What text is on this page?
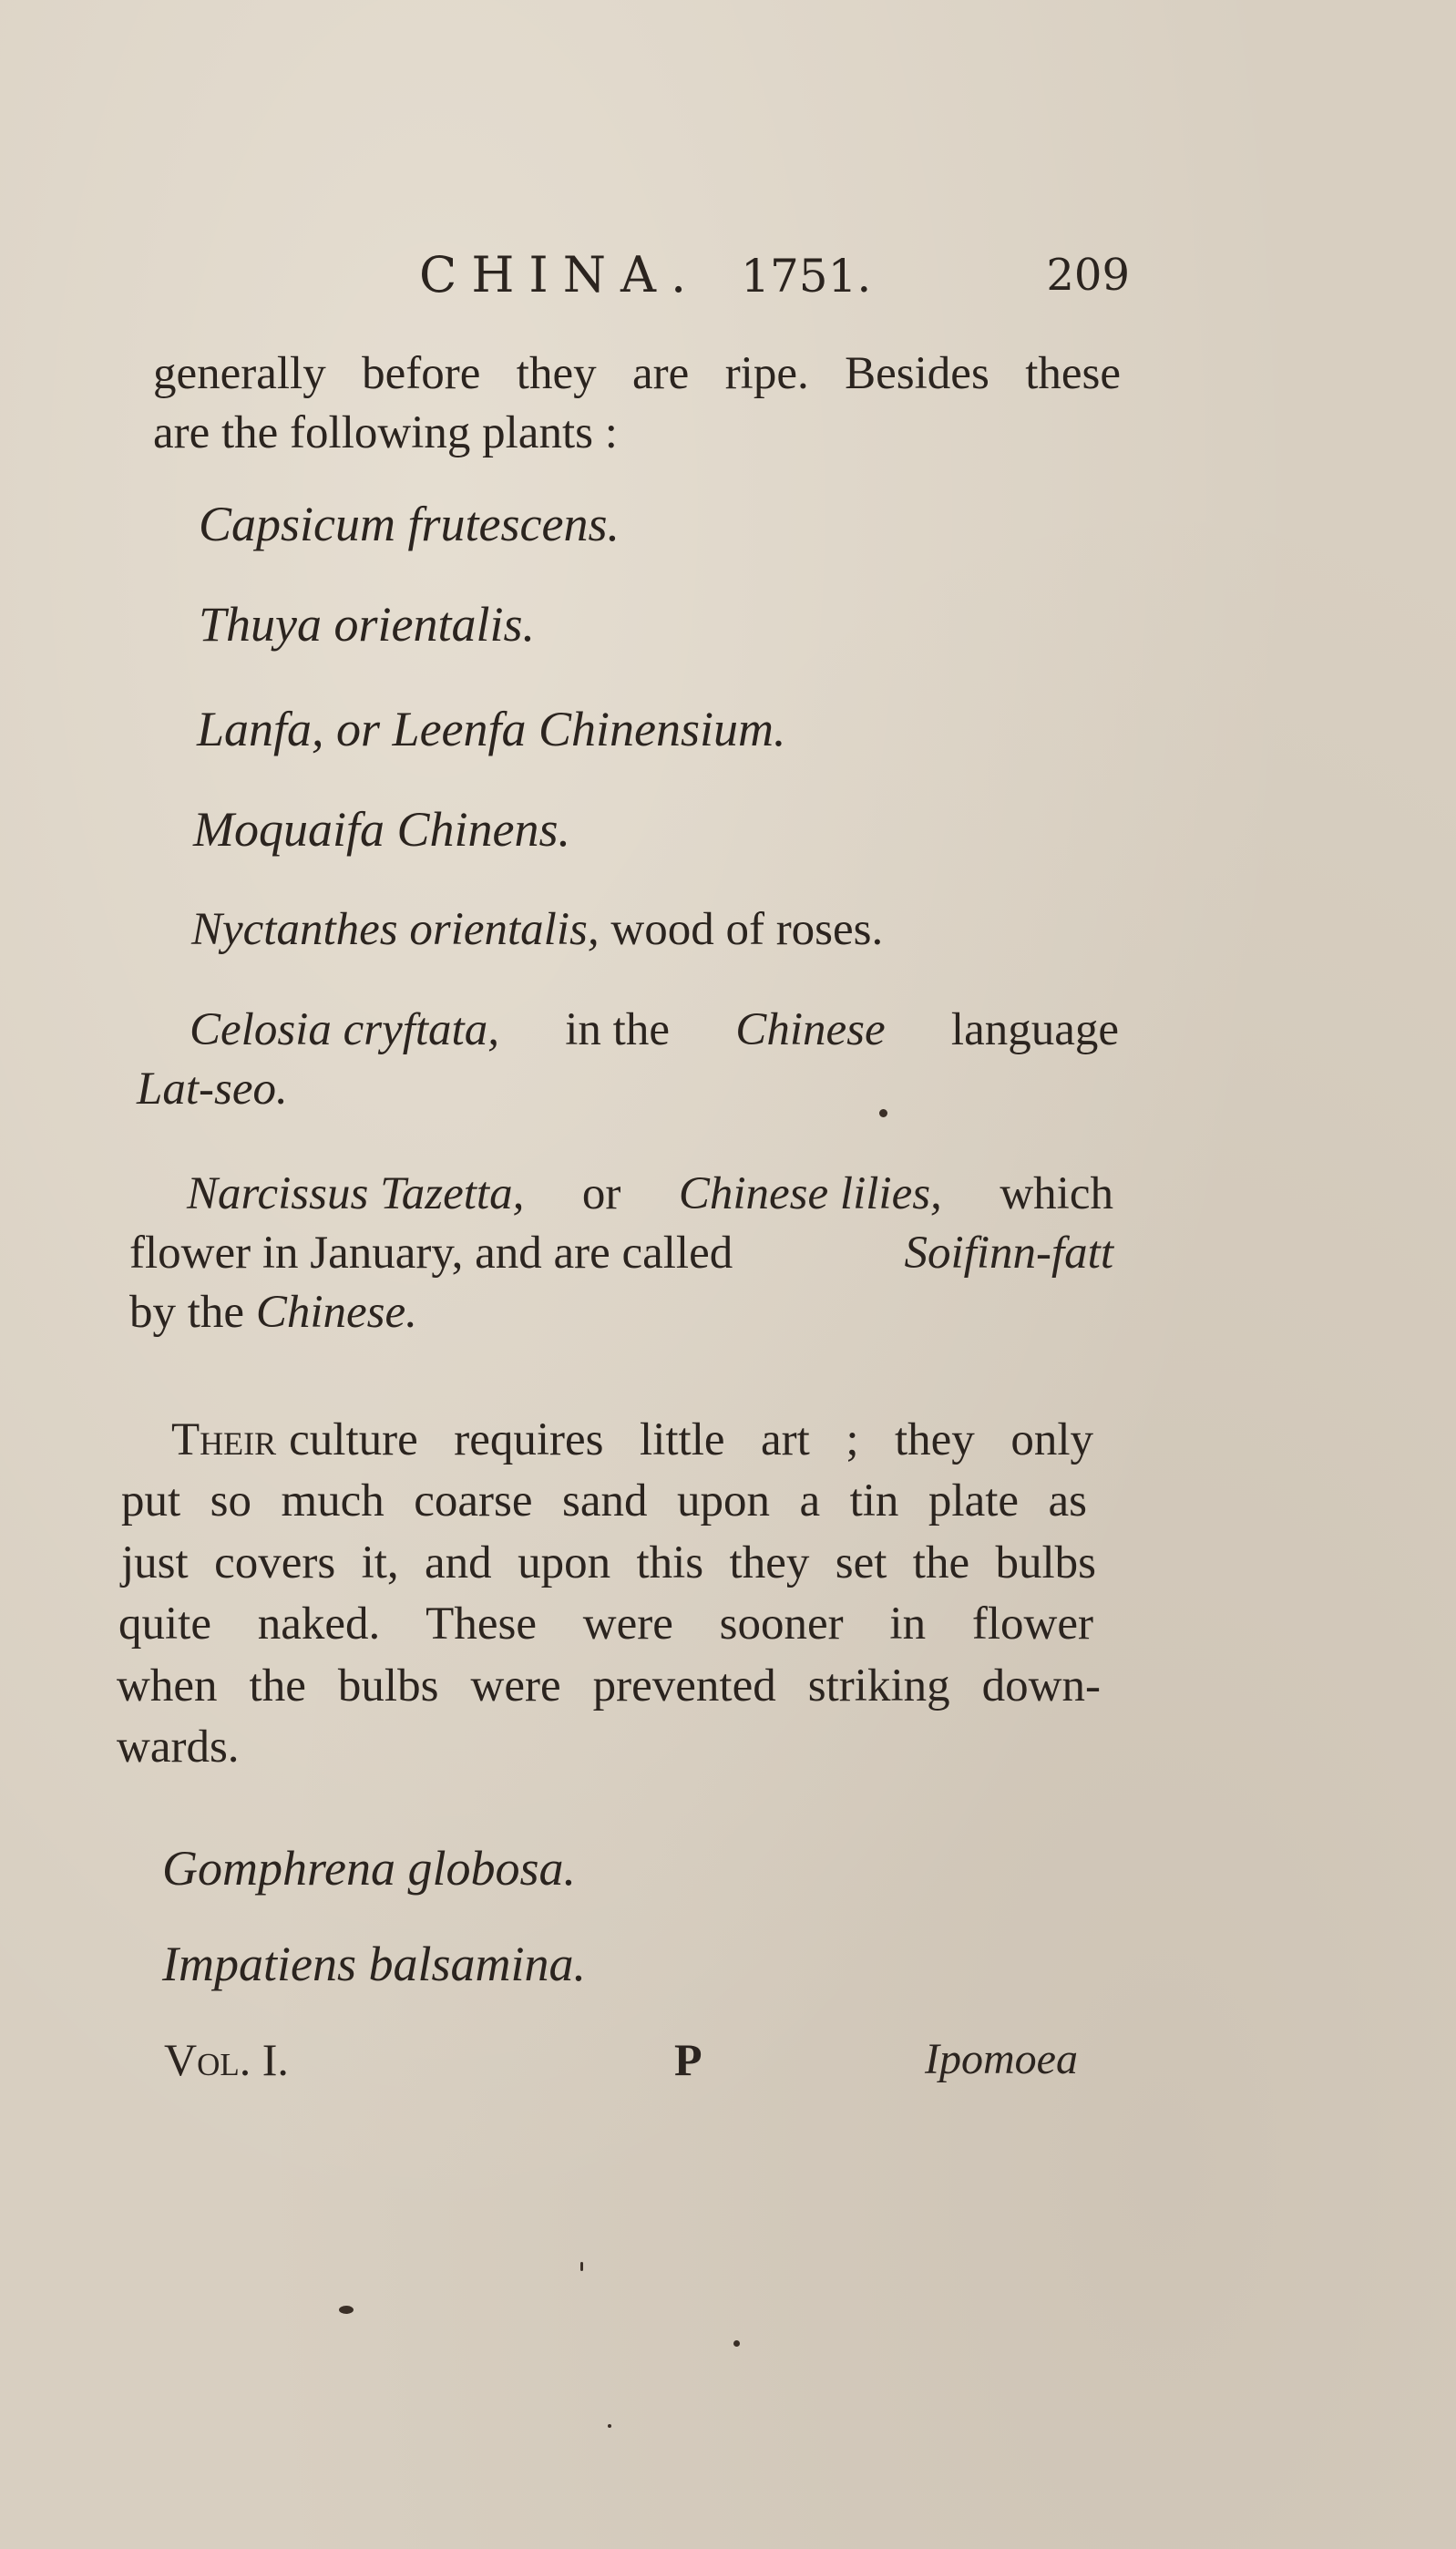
CHINA. 1751.	209
generally before they are ripe. Besides these
are the following plants :
Capsicum frutescens.
Thuya orientalis.
Lanfa, or Leenfa Chinensium.
Moquaifa Chinens.
Nyctanthes orientalis, wood of roses.
Celosia cryftata, in the Chinese language
Lat-seo.
Narcissus Tazetta, or Chinese lilies, which
flower in January, and are called	Soifinn-fatt
by the Chinese.
Their culture requires little art ; they only
put so much coarse sand upon a tin plate as
just covers it, and upon this they set the bulbs
quite naked. These were sooner in flower
when the bulbs were prevented striking down-
wards.
Gomphrena globosa.
Impatiens balsamina.
Vol. I.	P	Ipomoea
